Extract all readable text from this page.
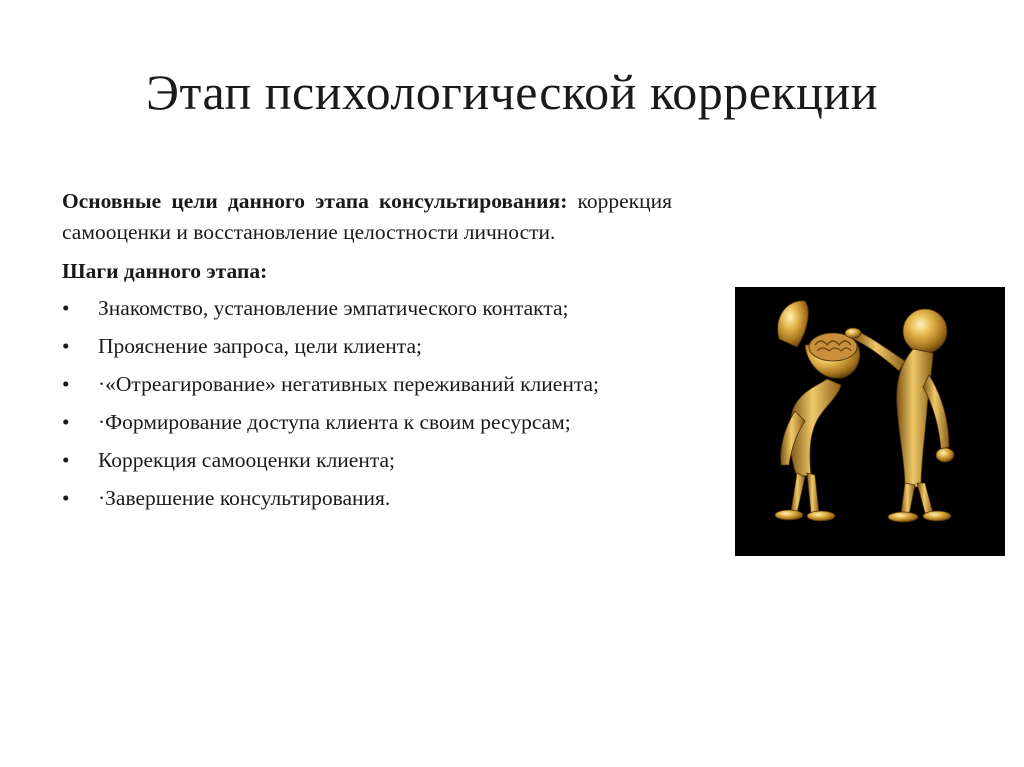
Этап психологической коррекции

Основные цели данного этапа консультирования: коррекция самооценки и восстановление целостности личности.

Шаги данного этапа:

•	Знакомство, установление эмпатического контакта;
•	Прояснение запроса, цели клиента;
•	·«Отреагирование» негативных переживаний клиента;
•	·Формирование доступа клиента к своим ресурсам;
•	Коррекция самооценки клиента;
•	·Завершение консультирования.
